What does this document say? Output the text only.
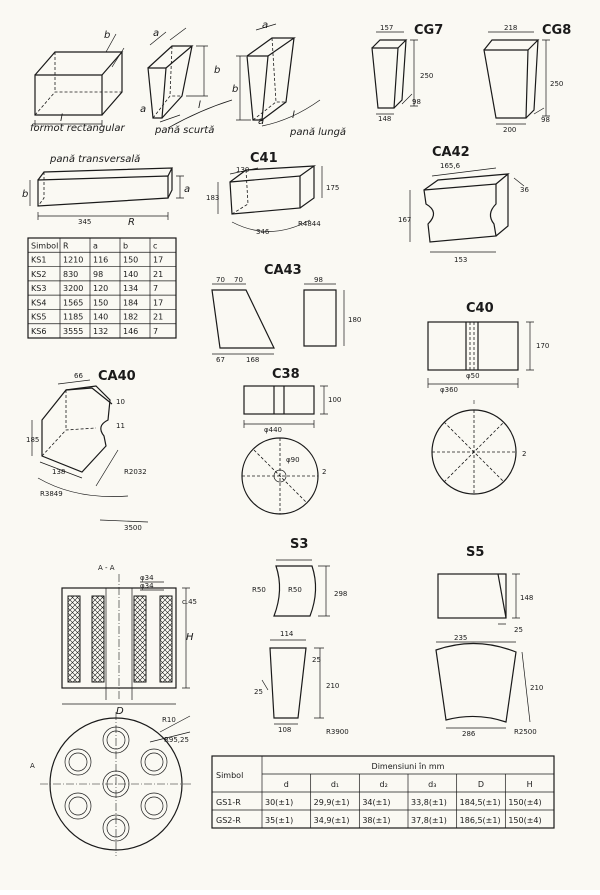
l
b
formot rectangular
a
b
a	l
pană scurtă
a
b
a
l
pană lungă
CG7
157
250
148
98
CG8
218
250
200
98
pană transversală
b	a
345	R
C41
130
183
175
346
R4844
CA42
165,6
36
167
153
Simbol R	a	b	c
KS1 1210 116 150 17
KS2 830 98 140 21
KS3 3200 120 134 7
KS4 1565 150 184 17
KS5 1185 140 182 21
KS6 3555 132 146 7
CA43
70 70
67	168
98
180
C40
170
φ50
φ360
2
CA40
66
185
10
11
138
R3849
R2032
3500
C38
100
φ440
φ90
2
A - A
φ34
φ34
H
c.45
D
R10
R95,25
A
S3
R50	R50	298
114
25
210
25
108	R3900
S5
148
25
235
210
286	R2500
Simbol
Dimensiuni în mm
d	d₁	d₂	d₃	D	H
GS1-R	30(±1)	29,9(±1) 34(±1)	33,8(±1) 184,5(±1) 150(±4)
GS2-R	35(±1)	34,9(±1) 38(±1)	37,8(±1) 186,5(±1) 150(±4)
